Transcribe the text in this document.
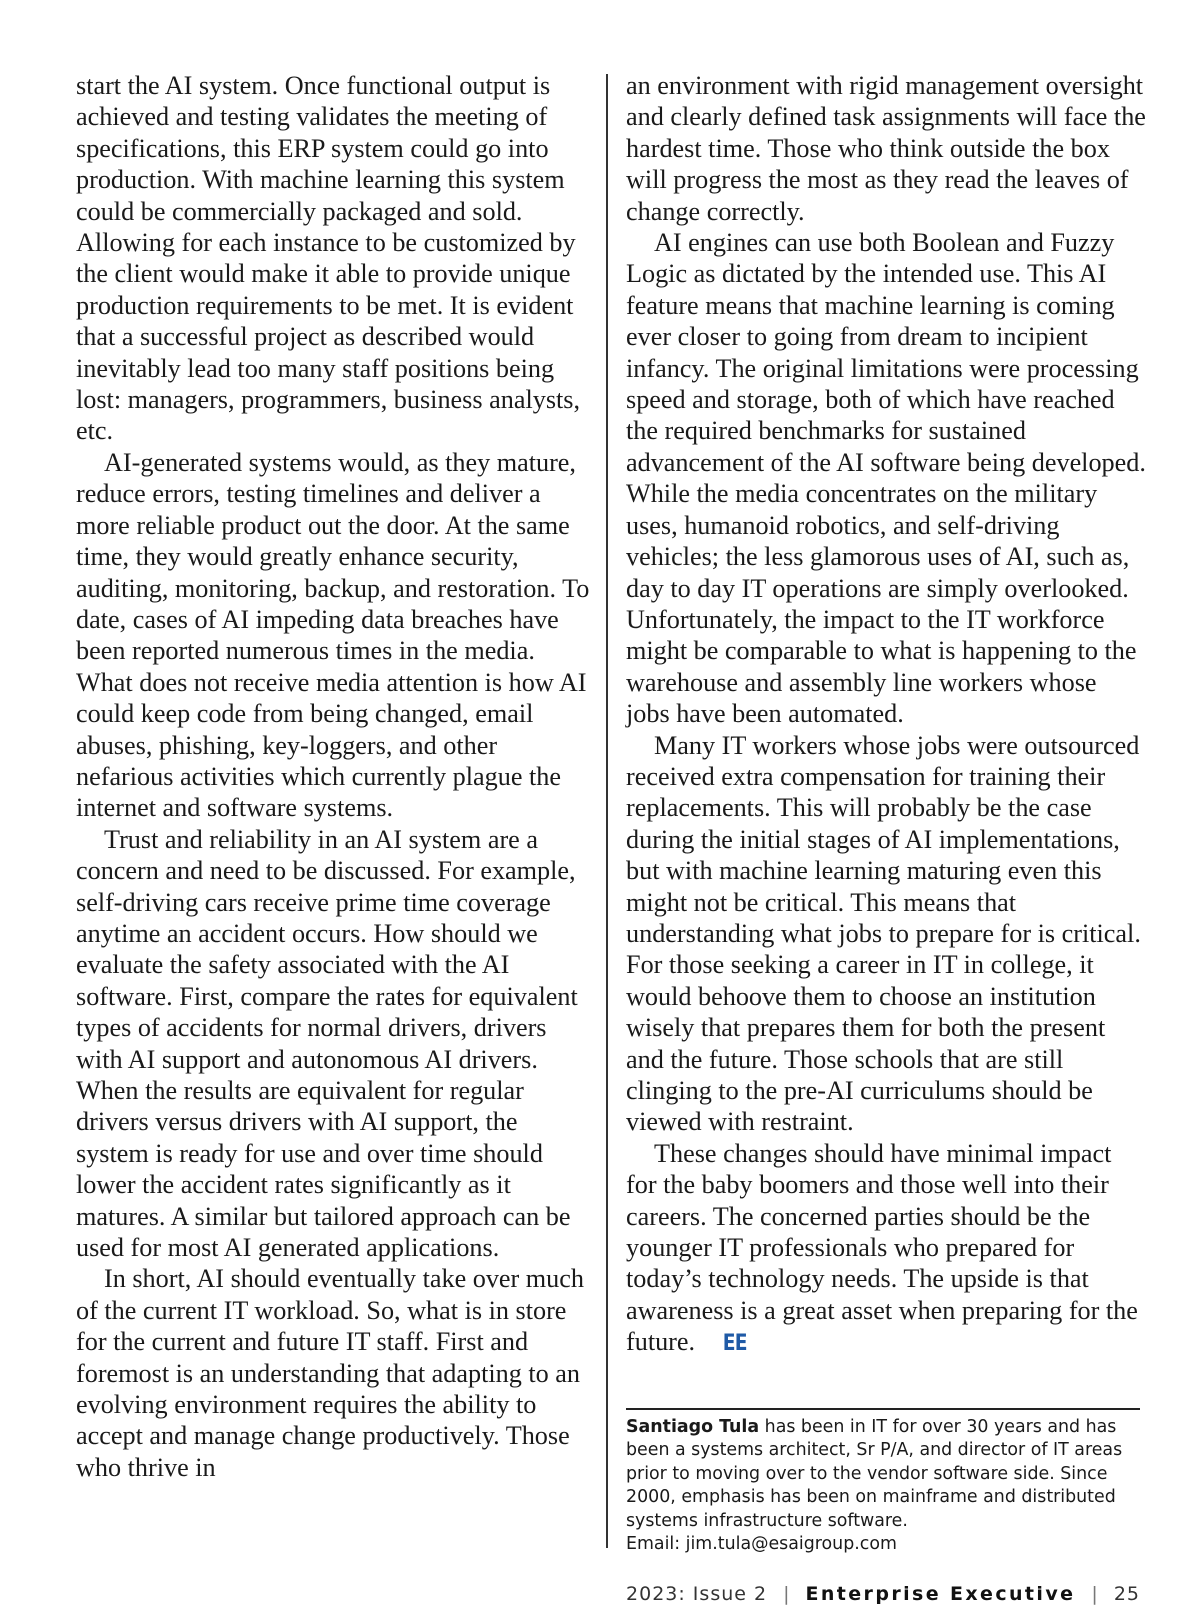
start the AI system. Once functional output is achieved and testing validates the meeting of specifications, this ERP system could go into production. With machine learning this system could be commercially packaged and sold. Allowing for each instance to be customized by the client would make it able to provide unique production requirements to be met. It is evident that a successful project as described would inevitably lead too many staff positions being lost: managers, programmers, business analysts, etc.

AI-generated systems would, as they mature, reduce errors, testing timelines and deliver a more reliable product out the door. At the same time, they would greatly enhance security, auditing, monitoring, backup, and restoration. To date, cases of AI impeding data breaches have been reported numerous times in the media. What does not receive media attention is how AI could keep code from being changed, email abuses, phishing, key-loggers, and other nefarious activities which currently plague the internet and software systems.

Trust and reliability in an AI system are a concern and need to be discussed. For example, self-driving cars receive prime time coverage anytime an accident occurs. How should we evaluate the safety associated with the AI software. First, compare the rates for equivalent types of accidents for normal drivers, drivers with AI support and autonomous AI drivers. When the results are equivalent for regular drivers versus drivers with AI support, the system is ready for use and over time should lower the accident rates significantly as it matures. A similar but tailored approach can be used for most AI generated applications.

In short, AI should eventually take over much of the current IT workload. So, what is in store for the current and future IT staff. First and foremost is an understanding that adapting to an evolving environment requires the ability to accept and manage change productively. Those who thrive in

an environment with rigid management oversight and clearly defined task assignments will face the hardest time. Those who think outside the box will progress the most as they read the leaves of change correctly.

AI engines can use both Boolean and Fuzzy Logic as dictated by the intended use. This AI feature means that machine learning is coming ever closer to going from dream to incipient infancy. The original limitations were processing speed and storage, both of which have reached the required benchmarks for sustained advancement of the AI software being developed. While the media concentrates on the military uses, humanoid robotics, and self-driving vehicles; the less glamorous uses of AI, such as, day to day IT operations are simply overlooked. Unfortunately, the impact to the IT workforce might be comparable to what is happening to the warehouse and assembly line workers whose jobs have been automated.

Many IT workers whose jobs were outsourced received extra compensation for training their replacements. This will probably be the case during the initial stages of AI implementations, but with machine learning maturing even this might not be critical. This means that understanding what jobs to prepare for is critical. For those seeking a career in IT in college, it would behoove them to choose an institution wisely that prepares them for both the present and the future. Those schools that are still clinging to the pre-AI curriculums should be viewed with restraint.

These changes should have minimal impact for the baby boomers and those well into their careers. The concerned parties should be the younger IT professionals who prepared for today’s technology needs. The upside is that awareness is a great asset when preparing for the future. EE

Santiago Tula has been in IT for over 30 years and has been a systems architect, Sr P/A, and director of IT areas prior to moving over to the vendor software side. Since 2000, emphasis has been on mainframe and distributed systems infrastructure software.
Email: jim.tula@esaigroup.com
2023: Issue 2 | Enterprise Executive | 25
